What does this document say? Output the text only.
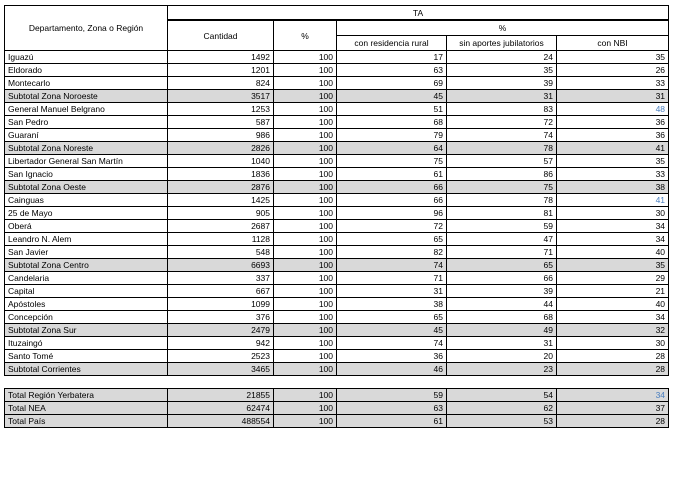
Departamento, Zona o Región	TA				
	Cantidad	%	%		
			con residencia rural	sin aportes jubilatorios	con NBI
Iguazú	1492	100	17	24	35
Eldorado	1201	100	63	35	26
Montecarlo	824	100	69	39	33
Subtotal Zona Noroeste	3517	100	45	31	31
General Manuel Belgrano	1253	100	51	83	48
San Pedro	587	100	68	72	36
Guaraní	986	100	79	74	36
Subtotal Zona Noreste	2826	100	64	78	41
Libertador General San Martín	1040	100	75	57	35
San Ignacio	1836	100	61	86	33
Subtotal Zona Oeste	2876	100	66	75	38
Cainguas	1425	100	66	78	41
25 de Mayo	905	100	96	81	30
Oberá	2687	100	72	59	34
Leandro N. Alem	1128	100	65	47	34
San Javier	548	100	82	71	40
Subtotal Zona Centro	6693	100	74	65	35
Candelaria	337	100	71	66	29
Capital	667	100	31	39	21
Apóstoles	1099	100	38	44	40
Concepción	376	100	65	68	34
Subtotal Zona Sur	2479	100	45	49	32
Ituzaingó	942	100	74	31	30
Santo Tomé	2523	100	36	20	28
Subtotal Corrientes	3465	100	46	23	28

Total Región Yerbatera	21855	100	59	54	34
Total NEA	62474	100	63	62	37
Total País	488554	100	61	53	28
